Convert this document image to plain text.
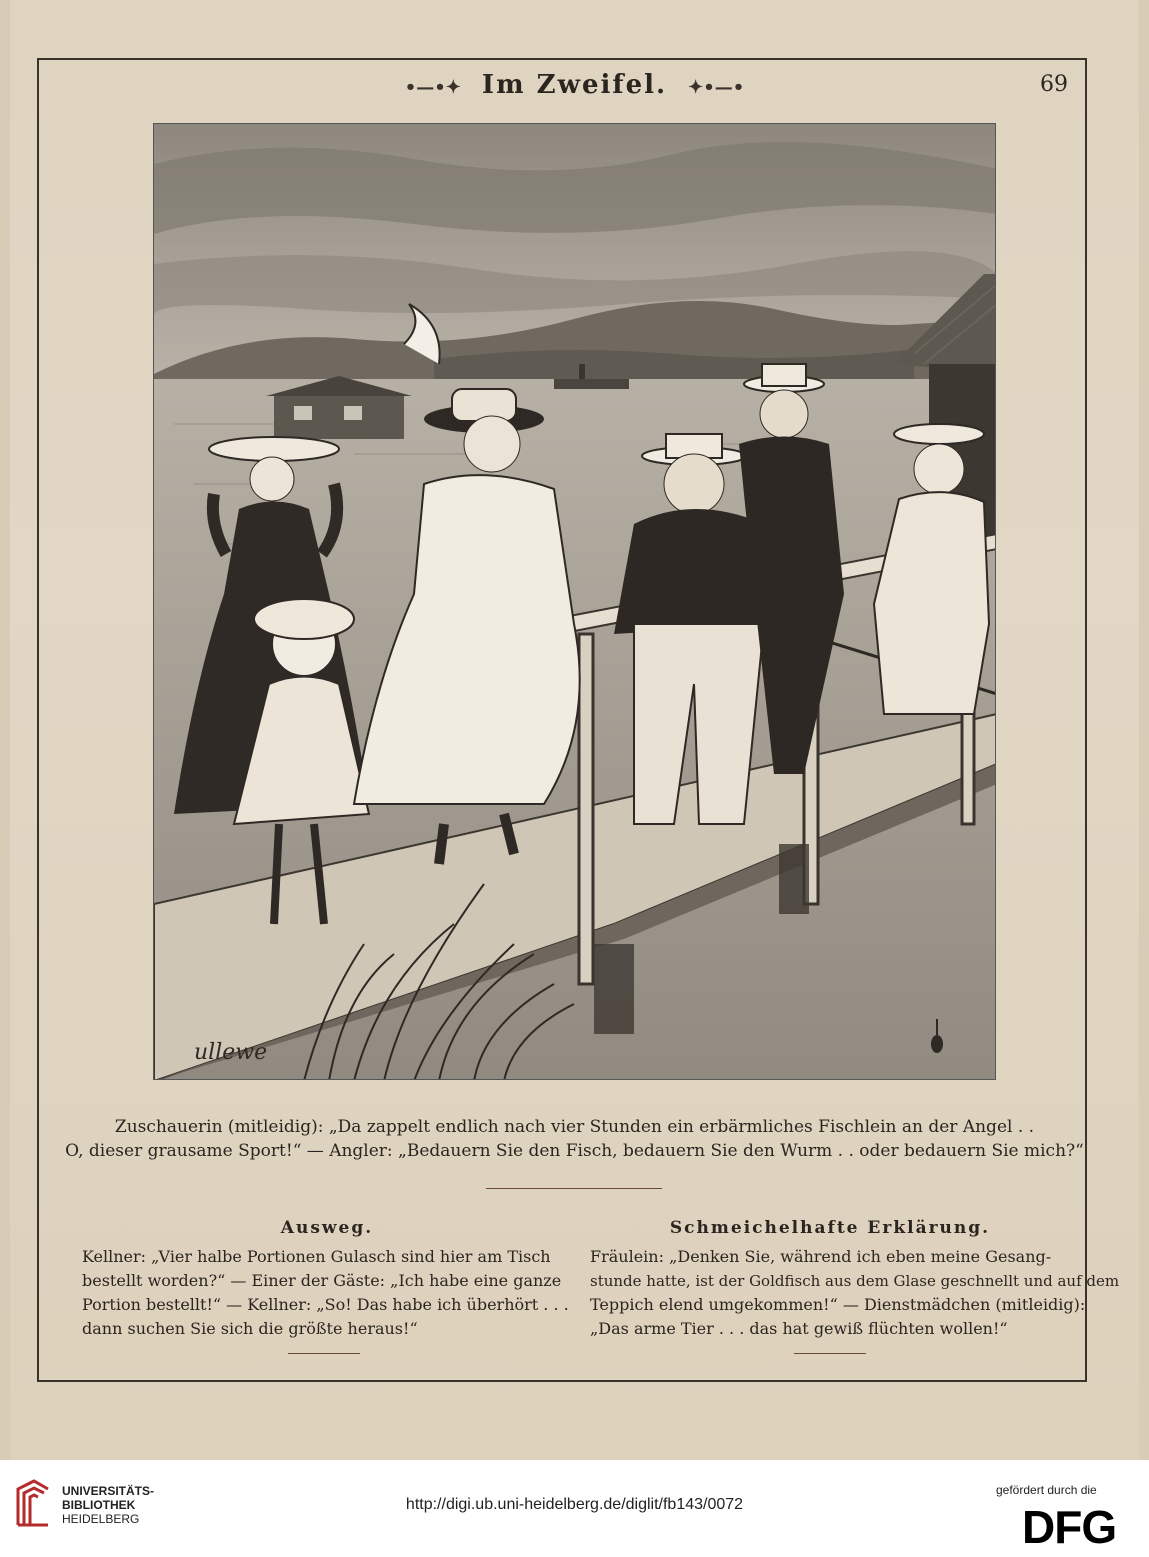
•—•✦ Im Zweifel. ✦•—•	69
ullewe
Zuschauerin (mitleidig): „Da zappelt endlich nach vier Stunden ein erbärmliches Fischlein an der Angel . .
O, dieser grausame Sport!“ — Angler: „Bedauern Sie den Fisch, bedauern Sie den Wurm . . oder bedauern Sie mich?“
Ausweg.
Kellner: „Vier halbe Portionen Gulasch sind hier am Tisch
bestellt worden?“ — Einer der Gäste: „Ich habe eine ganze
Portion bestellt!“ — Kellner: „So! Das habe ich überhört . . .
dann suchen Sie sich die größte heraus!“
Schmeichelhafte Erklärung.
Fräulein: „Denken Sie, während ich eben meine Gesang-
stunde hatte, ist der Goldfisch aus dem Glase geschnellt und auf dem
Teppich elend umgekommen!“ — Dienstmädchen (mitleidig):
„Das arme Tier . . . das hat gewiß flüchten wollen!“
UNIVERSITÄTS-
BIBLIOTHEK
HEIDELBERG
http://digi.ub.uni-heidelberg.de/diglit/fb143/0072
gefördert durch die
DFG
